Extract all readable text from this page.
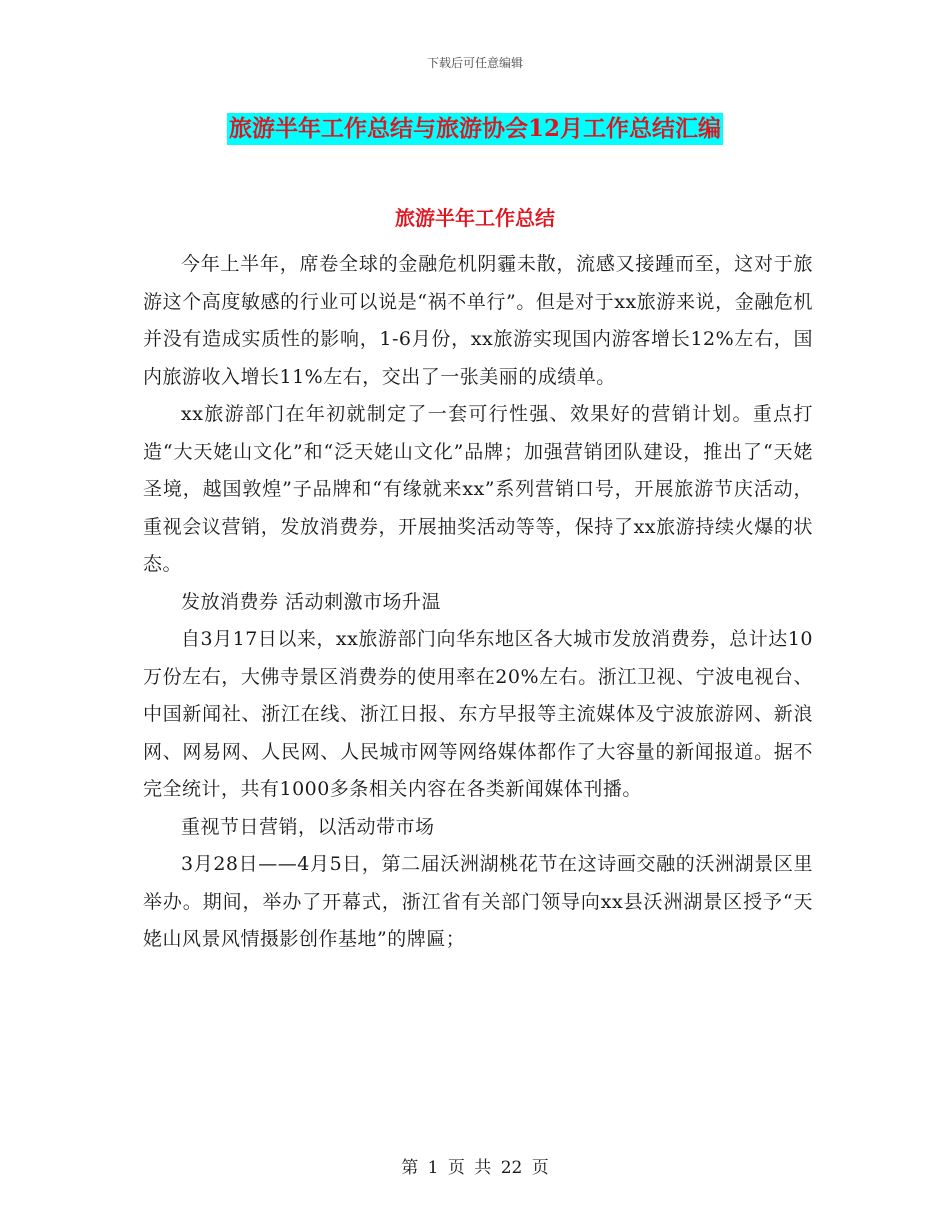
下载后可任意编辑
旅游半年工作总结与旅游协会12月工作总结汇编
旅游半年工作总结

今年上半年，席卷全球的金融危机阴霾未散，流感又接踵而至，这对于旅游这个高度敏感的行业可以说是“祸不单行”。但是对于xx旅游来说，金融危机并没有造成实质性的影响，1-6月份，xx旅游实现国内游客增长12%左右，国内旅游收入增长11%左右，交出了一张美丽的成绩单。

xx旅游部门在年初就制定了一套可行性强、效果好的营销计划。重点打造“大天姥山文化”和“泛天姥山文化”品牌；加强营销团队建设，推出了“天姥圣境，越国敦煌”子品牌和“有缘就来xx”系列营销口号，开展旅游节庆活动，重视会议营销，发放消费券，开展抽奖活动等等，保持了xx旅游持续火爆的状态。

发放消费券 活动刺激市场升温

自3月17日以来，xx旅游部门向华东地区各大城市发放消费券，总计达10万份左右，大佛寺景区消费券的使用率在20%左右。浙江卫视、宁波电视台、中国新闻社、浙江在线、浙江日报、东方早报等主流媒体及宁波旅游网、新浪网、网易网、人民网、人民城市网等网络媒体都作了大容量的新闻报道。据不完全统计，共有1000多条相关内容在各类新闻媒体刊播。

重视节日营销，以活动带市场

3月28日——4月5日，第二届沃洲湖桃花节在这诗画交融的沃洲湖景区里举办。期间，举办了开幕式，浙江省有关部门领导向xx县沃洲湖景区授予“天姥山风景风情摄影创作基地”的牌匾；

第 1 页 共 22 页
